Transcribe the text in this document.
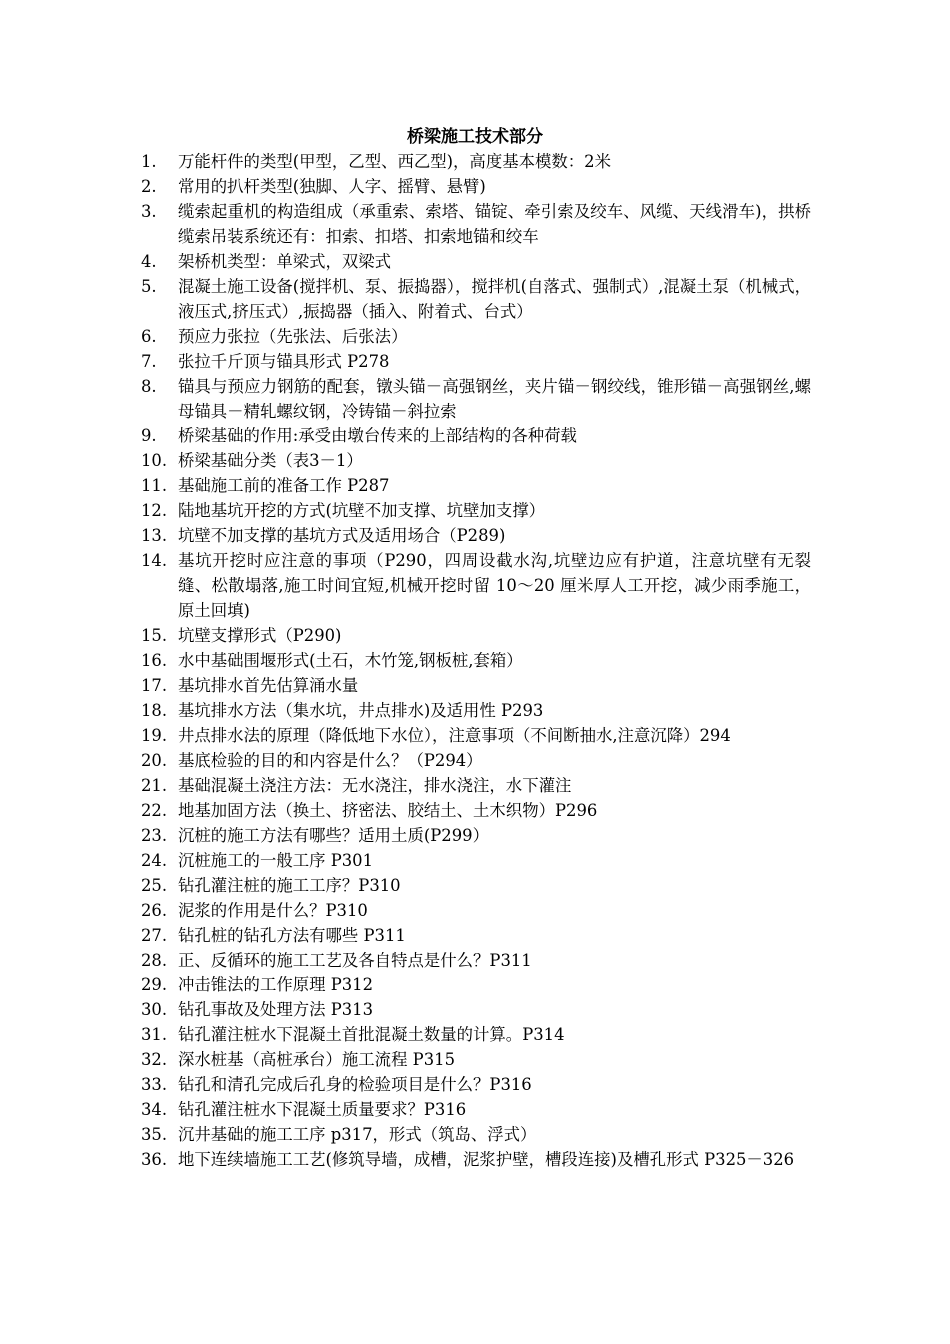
桥梁施工技术部分
1.	万能杆件的类型(甲型，乙型、西乙型)，高度基本模数：2米
2.	常用的扒杆类型(独脚、人字、摇臂、悬臂)
3.	缆索起重机的构造组成（承重索、索塔、锚锭、牵引索及绞车、风缆、天线滑车)，拱桥缆索吊装系统还有：扣索、扣塔、扣索地锚和绞车
4.	架桥机类型：单梁式，双梁式
5.	混凝土施工设备(搅拌机、泵、振捣器），搅拌机(自落式、强制式）,混凝土泵（机械式，液压式,挤压式）,振捣器（插入、附着式、台式）
6.	预应力张拉（先张法、后张法）
7.	张拉千斤顶与锚具形式 P278
8.	锚具与预应力钢筋的配套，镦头锚－高强钢丝，夹片锚－钢绞线，锥形锚－高强钢丝,螺母锚具－精轧螺纹钢，冷铸锚－斜拉索
9.	桥梁基础的作用:承受由墩台传来的上部结构的各种荷载
10. 桥梁基础分类（表3－1）
11. 基础施工前的准备工作 P287
12. 陆地基坑开挖的方式(坑壁不加支撑、坑壁加支撑）
13. 坑壁不加支撑的基坑方式及适用场合（P289)
14. 基坑开挖时应注意的事项（P290，四周设截水沟,坑壁边应有护道，注意坑壁有无裂缝、松散塌落,施工时间宜短,机械开挖时留 10～20 厘米厚人工开挖，减少雨季施工，原土回填)
15. 坑壁支撑形式（P290)
16. 水中基础围堰形式(土石，木竹笼,钢板桩,套箱）
17. 基坑排水首先估算涌水量
18. 基坑排水方法（集水坑，井点排水)及适用性 P293
19. 井点排水法的原理（降低地下水位），注意事项（不间断抽水,注意沉降）294
20. 基底检验的目的和内容是什么？（P294）
21. 基础混凝土浇注方法：无水浇注，排水浇注，水下灌注
22. 地基加固方法（换土、挤密法、胶结土、土木织物）P296
23. 沉桩的施工方法有哪些？适用土质(P299）
24. 沉桩施工的一般工序 P301
25. 钻孔灌注桩的施工工序？P310
26. 泥浆的作用是什么？P310
27. 钻孔桩的钻孔方法有哪些 P311
28. 正、反循环的施工工艺及各自特点是什么？P311
29. 冲击锥法的工作原理 P312
30. 钻孔事故及处理方法 P313
31. 钻孔灌注桩水下混凝土首批混凝土数量的计算。P314
32. 深水桩基（高桩承台）施工流程 P315
33. 钻孔和清孔完成后孔身的检验项目是什么？P316
34. 钻孔灌注桩水下混凝土质量要求？P316
35. 沉井基础的施工工序 p317，形式（筑岛、浮式）
36. 地下连续墙施工工艺(修筑导墙，成槽，泥浆护壁，槽段连接)及槽孔形式 P325－326
